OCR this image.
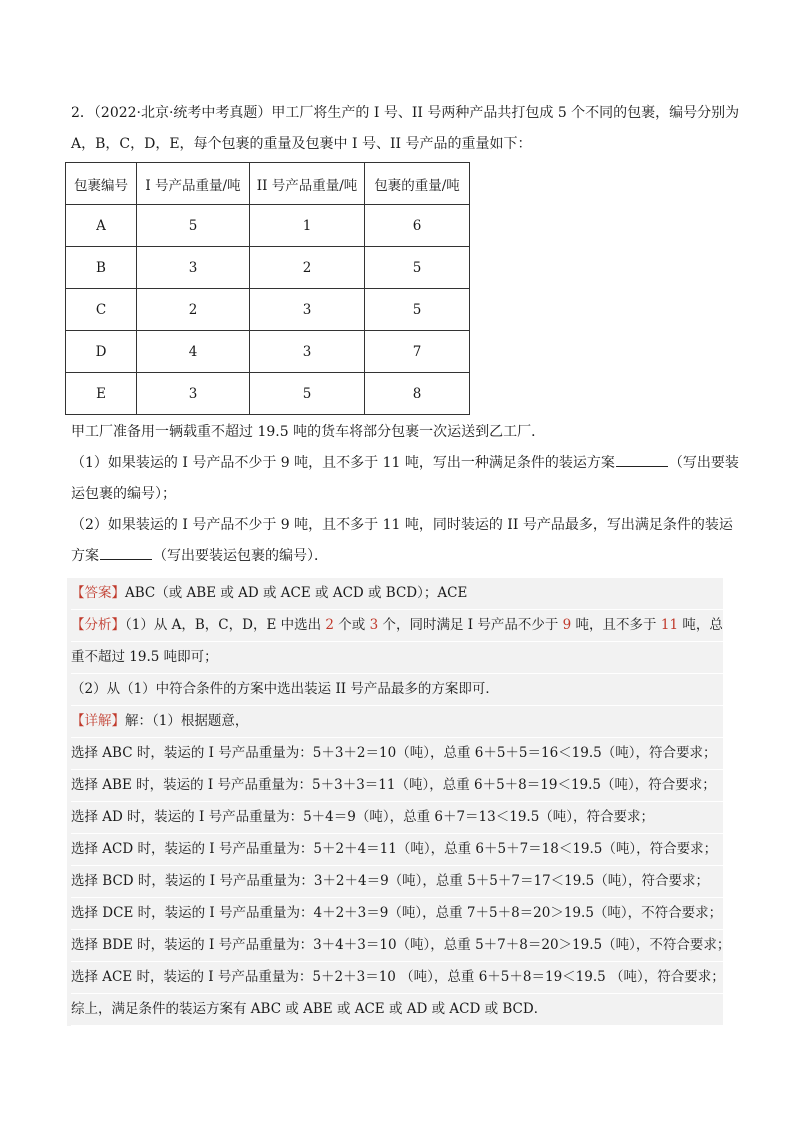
2．（2022·北京·统考中考真题）甲工厂将生产的 I 号、II 号两种产品共打包成 5 个不同的包裹，编号分别为
A，B，C，D，E，每个包裹的重量及包裹中 I 号、II 号产品的重量如下：
包裹编号	I 号产品重量/吨	II 号产品重量/吨	包裹的重量/吨
A	5	1	6
B	3	2	5
C	2	3	5
D	4	3	7
E	3	5	8
甲工厂准备用一辆载重不超过 19.5 吨的货车将部分包裹一次运送到乙工厂．
（1）如果装运的 I 号产品不少于 9 吨，且不多于 11 吨，写出一种满足条件的装运方案	（写出要装
运包裹的编号）；
（2）如果装运的 I 号产品不少于 9 吨，且不多于 11 吨，同时装运的 II 号产品最多，写出满足条件的装运
方案	（写出要装运包裹的编号）．
【答案】ABC（或 ABE 或 AD 或 ACE 或 ACD 或 BCD）；ACE
【分析】（1）从 A，B，C，D，E 中选出 2 个或 3 个，同时满足 I 号产品不少于 9 吨，且不多于 11 吨，总
重不超过 19.5 吨即可；
（2）从（1）中符合条件的方案中选出装运 II 号产品最多的方案即可．
【详解】解：（1）根据题意，
选择 ABC 时，装运的 I 号产品重量为：5＋3＋2＝10（吨），总重 6＋5＋5＝16＜19.5（吨），符合要求；
选择 ABE 时，装运的 I 号产品重量为：5＋3＋3＝11（吨），总重 6＋5＋8＝19＜19.5（吨），符合要求；
选择 AD 时，装运的 I 号产品重量为：5＋4＝9（吨），总重 6＋7＝13＜19.5（吨），符合要求；
选择 ACD 时，装运的 I 号产品重量为：5＋2＋4＝11（吨），总重 6＋5＋7＝18＜19.5（吨），符合要求；
选择 BCD 时，装运的 I 号产品重量为：3＋2＋4＝9（吨），总重 5＋5＋7＝17＜19.5（吨），符合要求；
选择 DCE 时，装运的 I 号产品重量为：4＋2＋3＝9（吨），总重 7＋5＋8＝20＞19.5（吨），不符合要求；
选择 BDE 时，装运的 I 号产品重量为：3＋4＋3＝10（吨），总重 5＋7＋8＝20＞19.5（吨），不符合要求；
选择 ACE 时，装运的 I 号产品重量为：5＋2＋3＝10 （吨），总重 6＋5＋8＝19＜19.5 （吨），符合要求；
综上，满足条件的装运方案有 ABC 或 ABE 或 ACE 或 AD 或 ACD 或 BCD．
